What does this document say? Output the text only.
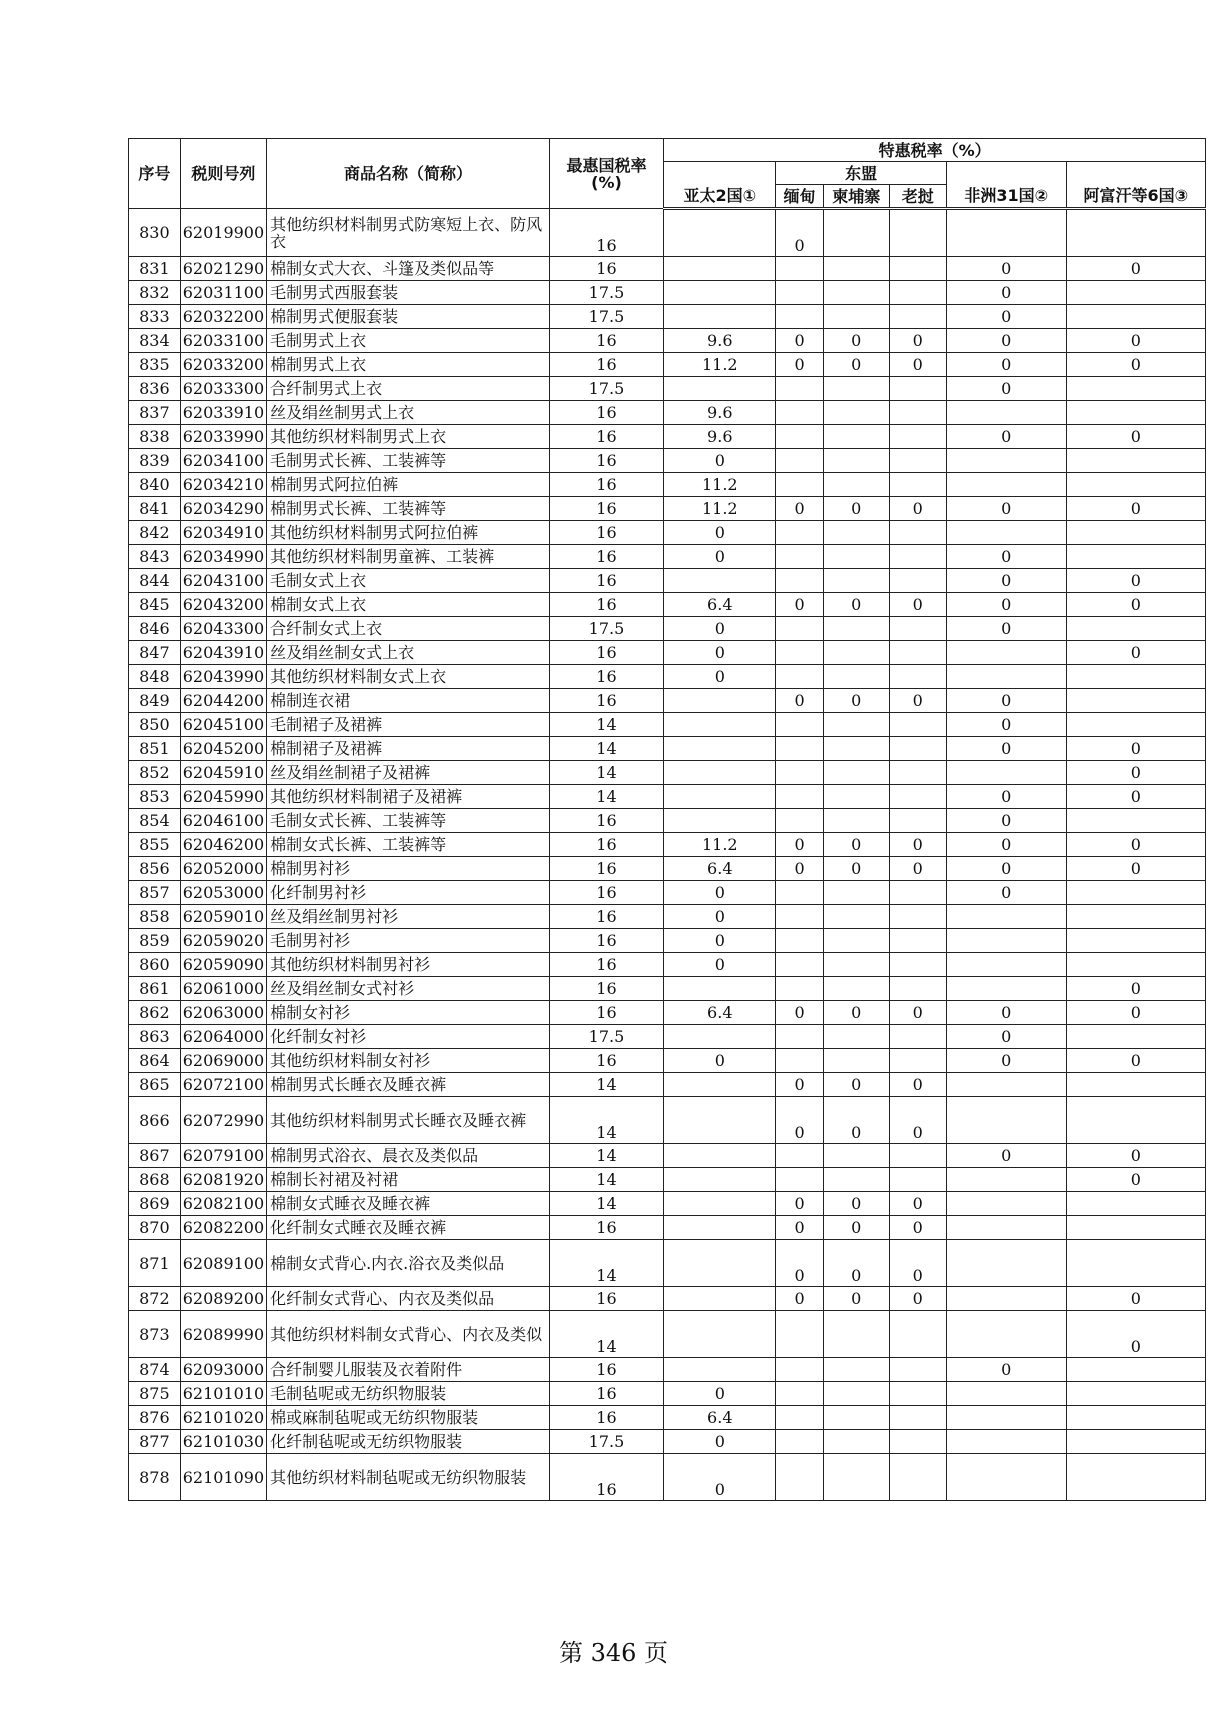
序号	税则号列	商品名称（简称）	最惠国税率
(%)	特惠税率（%）					
					东盟				
				亚太2国①	缅甸	柬埔寨	老挝	非洲31国②	阿富汗等6国③
830	62019900	其他纺织材料制男式防寒短上衣、防风衣	16		0				
831	62021290	棉制女式大衣、斗篷及类似品等	16					0	0
832	62031100	毛制男式西服套装	17.5					0	
833	62032200	棉制男式便服套装	17.5					0	
834	62033100	毛制男式上衣	16	9.6	0	0	0	0	0
835	62033200	棉制男式上衣	16	11.2	0	0	0	0	0
836	62033300	合纤制男式上衣	17.5					0	
837	62033910	丝及绢丝制男式上衣	16	9.6					
838	62033990	其他纺织材料制男式上衣	16	9.6				0	0
839	62034100	毛制男式长裤、工装裤等	16	0					
840	62034210	棉制男式阿拉伯裤	16	11.2					
841	62034290	棉制男式长裤、工装裤等	16	11.2	0	0	0	0	0
842	62034910	其他纺织材料制男式阿拉伯裤	16	0					
843	62034990	其他纺织材料制男童裤、工装裤	16	0				0	
844	62043100	毛制女式上衣	16					0	0
845	62043200	棉制女式上衣	16	6.4	0	0	0	0	0
846	62043300	合纤制女式上衣	17.5	0				0	
847	62043910	丝及绢丝制女式上衣	16	0					0
848	62043990	其他纺织材料制女式上衣	16	0					
849	62044200	棉制连衣裙	16		0	0	0	0	
850	62045100	毛制裙子及裙裤	14					0	
851	62045200	棉制裙子及裙裤	14					0	0
852	62045910	丝及绢丝制裙子及裙裤	14						0
853	62045990	其他纺织材料制裙子及裙裤	14					0	0
854	62046100	毛制女式长裤、工装裤等	16					0	
855	62046200	棉制女式长裤、工装裤等	16	11.2	0	0	0	0	0
856	62052000	棉制男衬衫	16	6.4	0	0	0	0	0
857	62053000	化纤制男衬衫	16	0				0	
858	62059010	丝及绢丝制男衬衫	16	0					
859	62059020	毛制男衬衫	16	0					
860	62059090	其他纺织材料制男衬衫	16	0					
861	62061000	丝及绢丝制女式衬衫	16						0
862	62063000	棉制女衬衫	16	6.4	0	0	0	0	0
863	62064000	化纤制女衬衫	17.5					0	
864	62069000	其他纺织材料制女衬衫	16	0				0	0
865	62072100	棉制男式长睡衣及睡衣裤	14		0	0	0		
866	62072990	其他纺织材料制男式长睡衣及睡衣裤	14		0	0	0		
867	62079100	棉制男式浴衣、晨衣及类似品	14					0	0
868	62081920	棉制长衬裙及衬裙	14						0
869	62082100	棉制女式睡衣及睡衣裤	14		0	0	0		
870	62082200	化纤制女式睡衣及睡衣裤	16		0	0	0		
871	62089100	棉制女式背心.内衣.浴衣及类似品	14		0	0	0		
872	62089200	化纤制女式背心、内衣及类似品	16		0	0	0		0
873	62089990	其他纺织材料制女式背心、内衣及类似	14						0
874	62093000	合纤制婴儿服装及衣着附件	16					0	
875	62101010	毛制毡呢或无纺织物服装	16	0					
876	62101020	棉或麻制毡呢或无纺织物服装	16	6.4					
877	62101030	化纤制毡呢或无纺织物服装	17.5	0					
878	62101090	其他纺织材料制毡呢或无纺织物服装	16	0					
第 346 页
